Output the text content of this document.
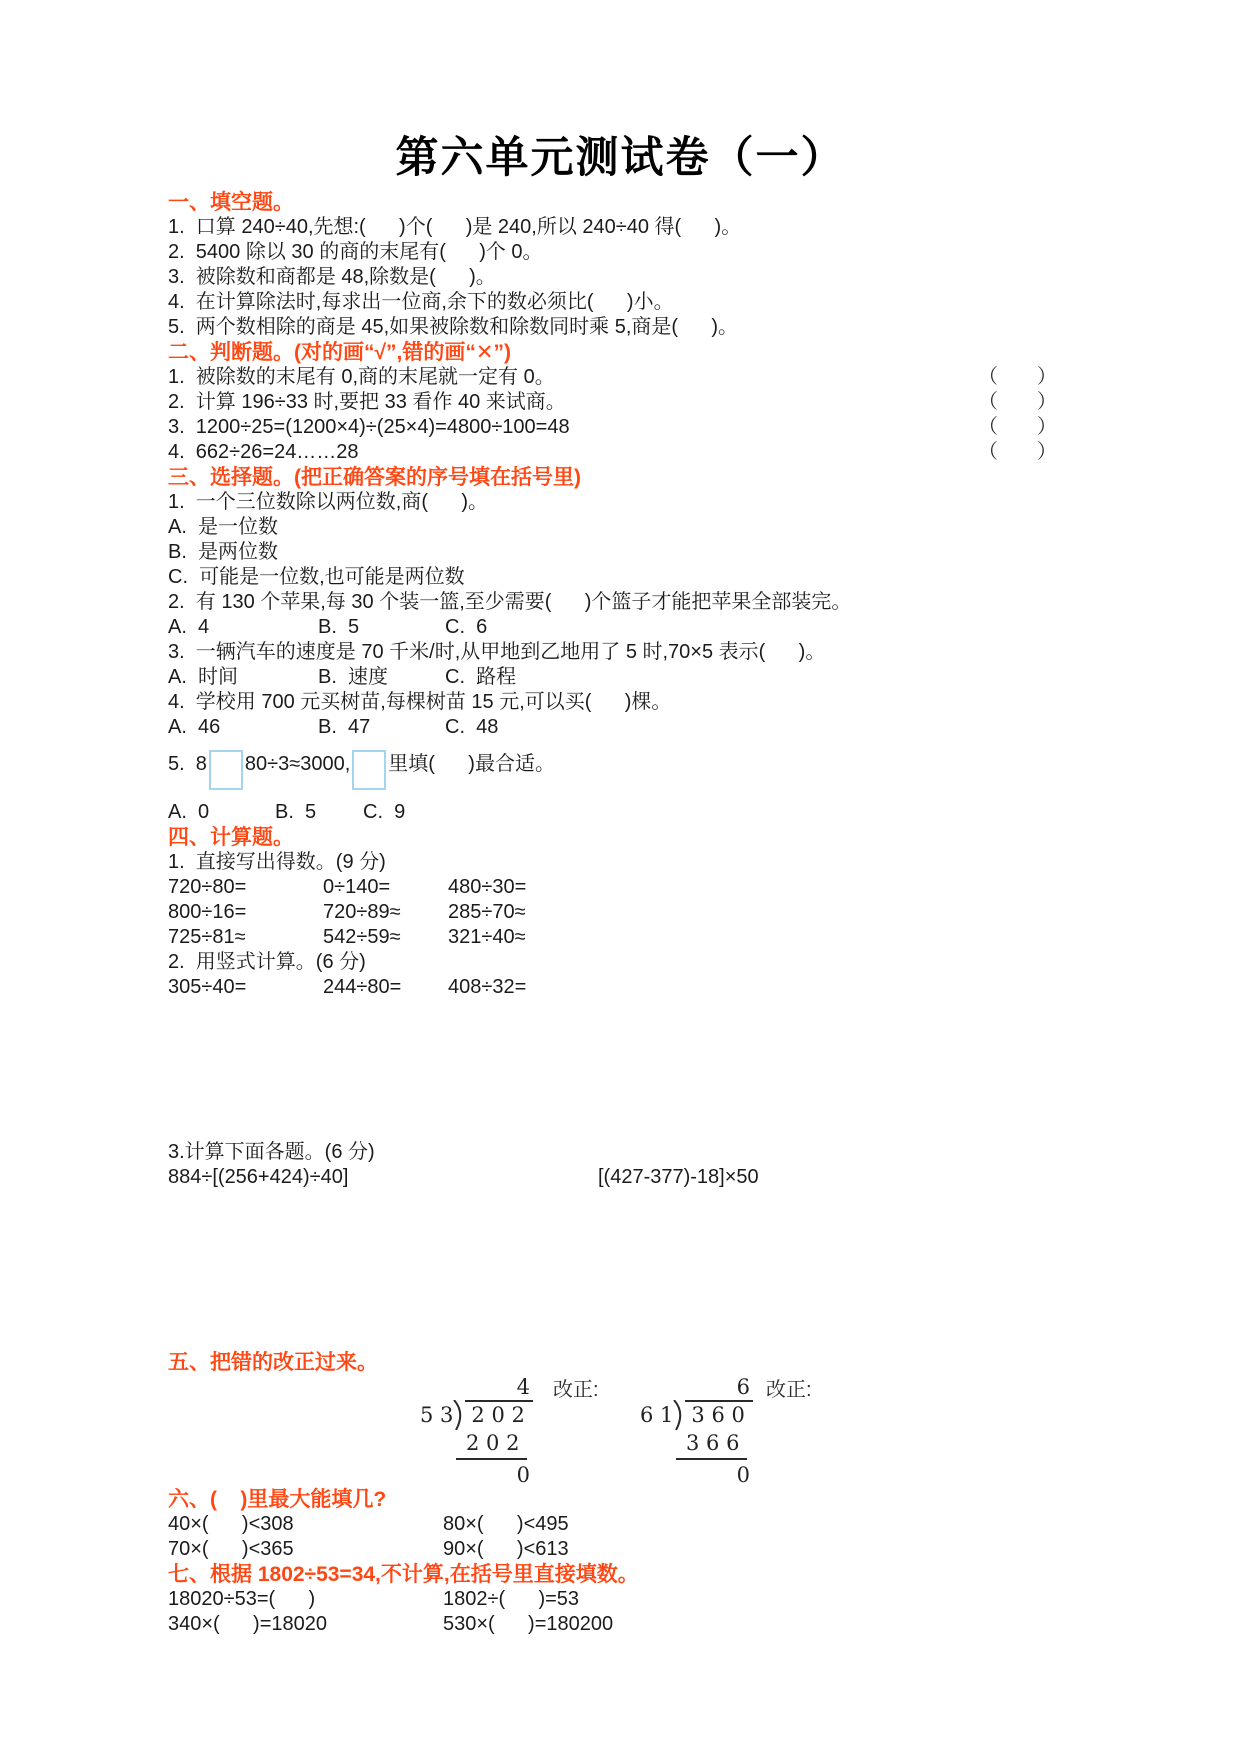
第六单元测试卷（一）
一、填空题。
1.  口算 240÷40,先想:(      )个(      )是 240,所以 240÷40 得(      )。
2.  5400 除以 30 的商的末尾有(      )个 0。
3.  被除数和商都是 48,除数是(      )。
4.  在计算除法时,每求出一位商,余下的数必须比(      )小。
5.  两个数相除的商是 45,如果被除数和除数同时乘 5,商是(      )。
二、判断题。(对的画“√”,错的画“✕”)
1.  被除数的末尾有 0,商的末尾就一定有 0。	（       ）
2.  计算 196÷33 时,要把 33 看作 40 来试商。	（       ）
3.  1200÷25=(1200×4)÷(25×4)=4800÷100=48	（       ）
4.  662÷26=24……28	（       ）
三、选择题。(把正确答案的序号填在括号里)
1.  一个三位数除以两位数,商(      )。
A.  是一位数
B.  是两位数
C.  可能是一位数,也可能是两位数
2.  有 130 个苹果,每 30 个装一篮,至少需要(      )个篮子才能把苹果全部装完。
A.  4	B.  5	C.  6
3.  一辆汽车的速度是 70 千米/时,从甲地到乙地用了 5 时,70×5 表示(      )。
A.  时间	B.  速度	C.  路程
4.  学校用 700 元买树苗,每棵树苗 15 元,可以买(      )棵。
A.  46	B.  47	C.  48
5.  8 80÷3≈3000, 里填(      )最合适。
A.  0	B.  5 C.  9
四、计算题。
1.  直接写出得数。(9 分)
720÷80=	0÷140=	480÷30=
800÷16=	720÷89≈ 285÷70≈
725÷81≈	542÷59≈ 321÷40≈
2.  用竖式计算。(6 分)
305÷40=	244÷80= 408÷32=
3.计算下面各题。(6 分)
884÷[(256+424)÷40]	[(427-377)-18]×50
五、把错的改正过来。
4
5 3 2 0 2
2 0 2
0
改正:	6
6 1 3 6 0
3 6 6
0
改正:
六、(    )里最大能填几?
40×(      )<308	80×(      )<495
70×(      )<365	90×(      )<613
七、根据 1802÷53=34,不计算,在括号里直接填数。
18020÷53=(      )	1802÷(      )=53
340×(      )=18020	530×(      )=180200
